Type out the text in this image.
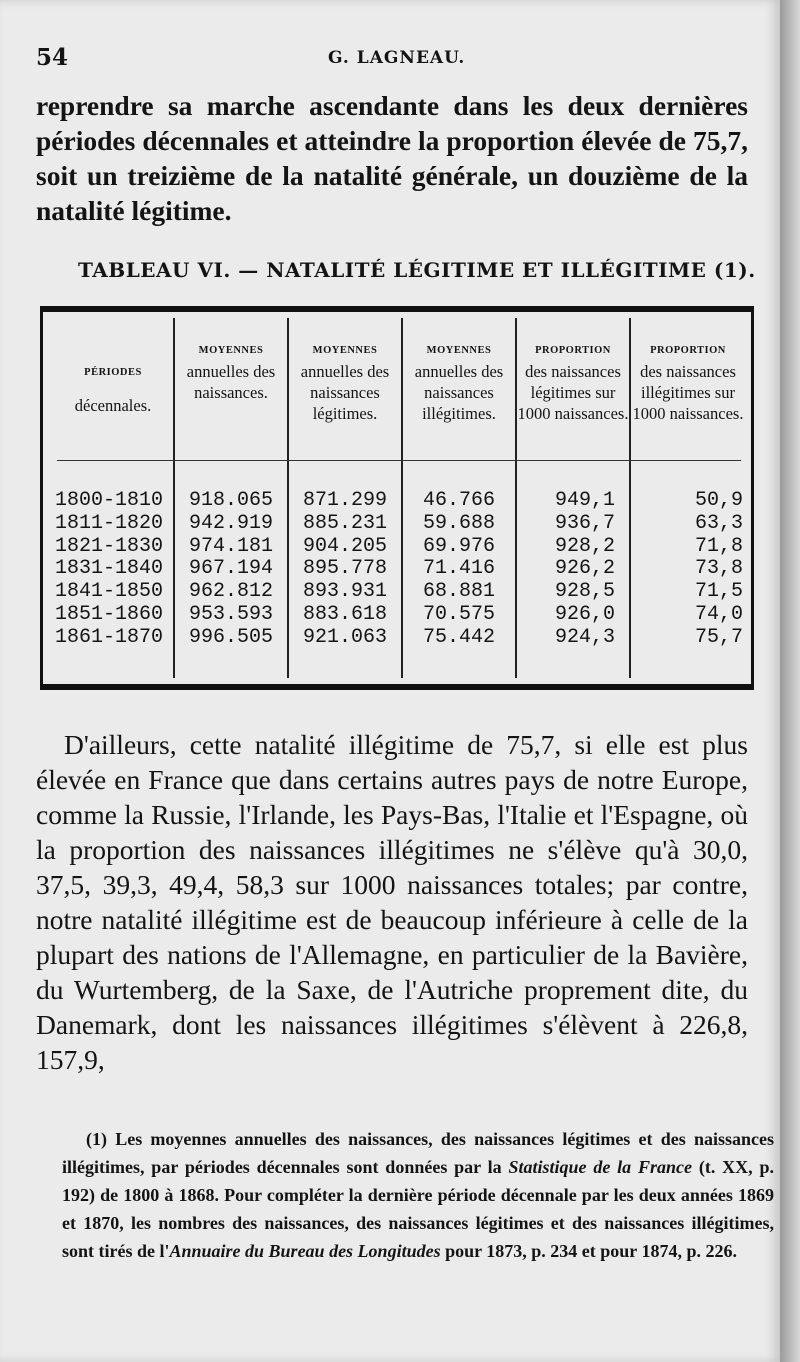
54	G. LAGNEAU.

reprendre sa marche ascendante dans les deux dernières périodes décennales et atteindre la proportion élevée de 75,7, soit un treizième de la natalité générale, un douzième de la natalité légitime.

TABLEAU VI. — NATALITÉ LÉGITIME ET ILLÉGITIME (1).
PÉRIODES
décennales.
1800-1810
1811-1820
1821-1830
1831-1840
1841-1850
1851-1860
1861-1870
MOYENNES
annuelles des naissances.
918.065
942.919
974.181
967.194
962.812
953.593
996.505
MOYENNES
annuelles des naissances légitimes.
871.299
885.231
904.205
895.778
893.931
883.618
921.063
MOYENNES
annuelles des naissances illégitimes.
46.766
59.688
69.976
71.416
68.881
70.575
75.442
PROPORTION
des naissances légitimes sur 1000 naissances.
949,1
936,7
928,2
926,2
928,5
926,0
924,3
PROPORTION
des naissances illégitimes sur 1000 naissances.
50,9
63,3
71,8
73,8
71,5
74,0
75,7

D'ailleurs, cette natalité illégitime de 75,7, si elle est plus élevée en France que dans certains autres pays de notre Europe, comme la Russie, l'Irlande, les Pays-Bas, l'Italie et l'Espagne, où la proportion des naissances illégitimes ne s'élève qu'à 30,0, 37,5, 39,3, 49,4, 58,3 sur 1000 naissances totales; par contre, notre natalité illégitime est de beaucoup inférieure à celle de la plupart des nations de l'Allemagne, en particulier de la Bavière, du Wurtemberg, de la Saxe, de l'Autriche proprement dite, du Danemark, dont les naissances illégitimes s'élèvent à 226,8, 157,9,

(1) Les moyennes annuelles des naissances, des naissances légitimes et des naissances illégitimes, par périodes décennales sont données par la Statistique de la France (t. XX, p. 192) de 1800 à 1868. Pour compléter la dernière période décennale par les deux années 1869 et 1870, les nombres des naissances, des naissances légitimes et des naissances illégitimes, sont tirés de l'Annuaire du Bureau des Longitudes pour 1873, p. 234 et pour 1874, p. 226.
